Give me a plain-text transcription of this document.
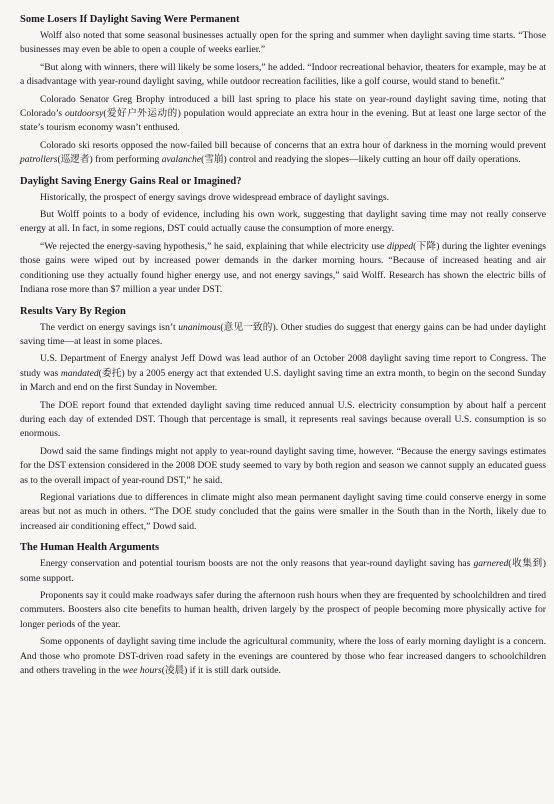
Some Losers If Daylight Saving Were Permanent

Wolff also noted that some seasonal businesses actually open for the spring and summer when daylight saving time starts. “Those businesses may even be able to open a couple of weeks earlier.”

“But along with winners, there will likely be some losers,” he added. “Indoor recreational behavior, theaters for example, may be at a disadvantage with year-round daylight saving, while outdoor recreation facilities, like a golf course, would stand to benefit.”

Colorado Senator Greg Brophy introduced a bill last spring to place his state on year-round daylight saving time, noting that Colorado’s outdoorsy(爱好户外运动的) population would appreciate an extra hour in the evening. But at least one large sector of the state’s tourism economy wasn’t enthused.

Colorado ski resorts opposed the now-failed bill because of concerns that an extra hour of darkness in the morning would prevent patrollers(巡逻者) from performing avalanche(雪崩) control and readying the slopes—likely cutting an hour off daily operations.

Daylight Saving Energy Gains Real or Imagined?

Historically, the prospect of energy savings drove widespread embrace of daylight savings.

But Wolff points to a body of evidence, including his own work, suggesting that daylight saving time may not really conserve energy at all. In fact, in some regions, DST could actually cause the consumption of more energy.

“We rejected the energy-saving hypothesis,” he said, explaining that while electricity use dipped(下降) during the lighter evenings those gains were wiped out by increased power demands in the darker morning hours. “Because of increased heating and air conditioning use they actually found higher energy use, and not energy savings,” said Wolff. Research has shown the electric bills of Indiana rose more than $7 million a year under DST.

Results Vary By Region

The verdict on energy savings isn’t unanimous(意见一致的). Other studies do suggest that energy gains can be had under daylight saving time—at least in some places.

U.S. Department of Energy analyst Jeff Dowd was lead author of an October 2008 daylight saving time report to Congress. The study was mandated(委托) by a 2005 energy act that extended U.S. daylight saving time an extra month, to begin on the second Sunday in March and end on the first Sunday in November.

The DOE report found that extended daylight saving time reduced annual U.S. electricity consumption by about half a percent during each day of extended DST. Though that percentage is small, it represents real savings because overall U.S. consumption is so enormous.

Dowd said the same findings might not apply to year-round daylight saving time, however. “Because the energy savings estimates for the DST extension considered in the 2008 DOE study seemed to vary by both region and season we cannot supply an educated guess as to the overall impact of year-round DST,” he said.

Regional variations due to differences in climate might also mean permanent daylight saving time could conserve energy in some areas but not as much in others. “The DOE study concluded that the gains were smaller in the South than in the North, likely due to increased air conditioning effect,” Dowd said.

The Human Health Arguments

Energy conservation and potential tourism boosts are not the only reasons that year-round daylight saving has garnered(收集到) some support.

Proponents say it could make roadways safer during the afternoon rush hours when they are frequented by schoolchildren and tired commuters. Boosters also cite benefits to human health, driven largely by the prospect of people becoming more physically active for longer periods of the year.

Some opponents of daylight saving time include the agricultural community, where the loss of early morning daylight is a concern. And those who promote DST-driven road safety in the evenings are countered by those who fear increased dangers to schoolchildren and others traveling in the wee hours(凌晨) if it is still dark outside.
